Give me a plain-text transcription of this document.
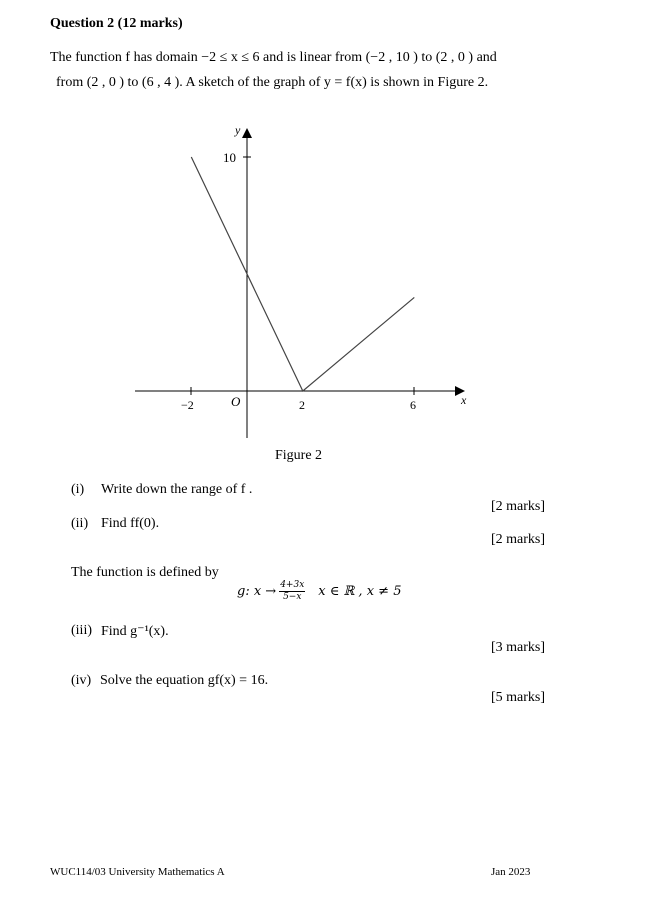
Question 2 (12 marks)
The function f has domain −2 ≤ x ≤ 6 and is linear from (−2 , 10 ) to (2 , 0 ) and
from (2 , 0 ) to (6 , 4 ). A sketch of the graph of y = f(x) is shown in Figure 2.
y
x
O
10
−2	2	6
Figure 2
(i) Write down the range of f .
[2 marks]
(ii) Find ff(0).
[2 marks]
The function is defined by
g: $x \to \frac{4+3x}{5-x}$ x ∈ ℝ , x ≠ 5
(iii) Find g⁻¹(x).
[3 marks]
(iv) Solve the equation gf(x) = 16.
[5 marks]
WUC114/03 University Mathematics A	Jan 2023
